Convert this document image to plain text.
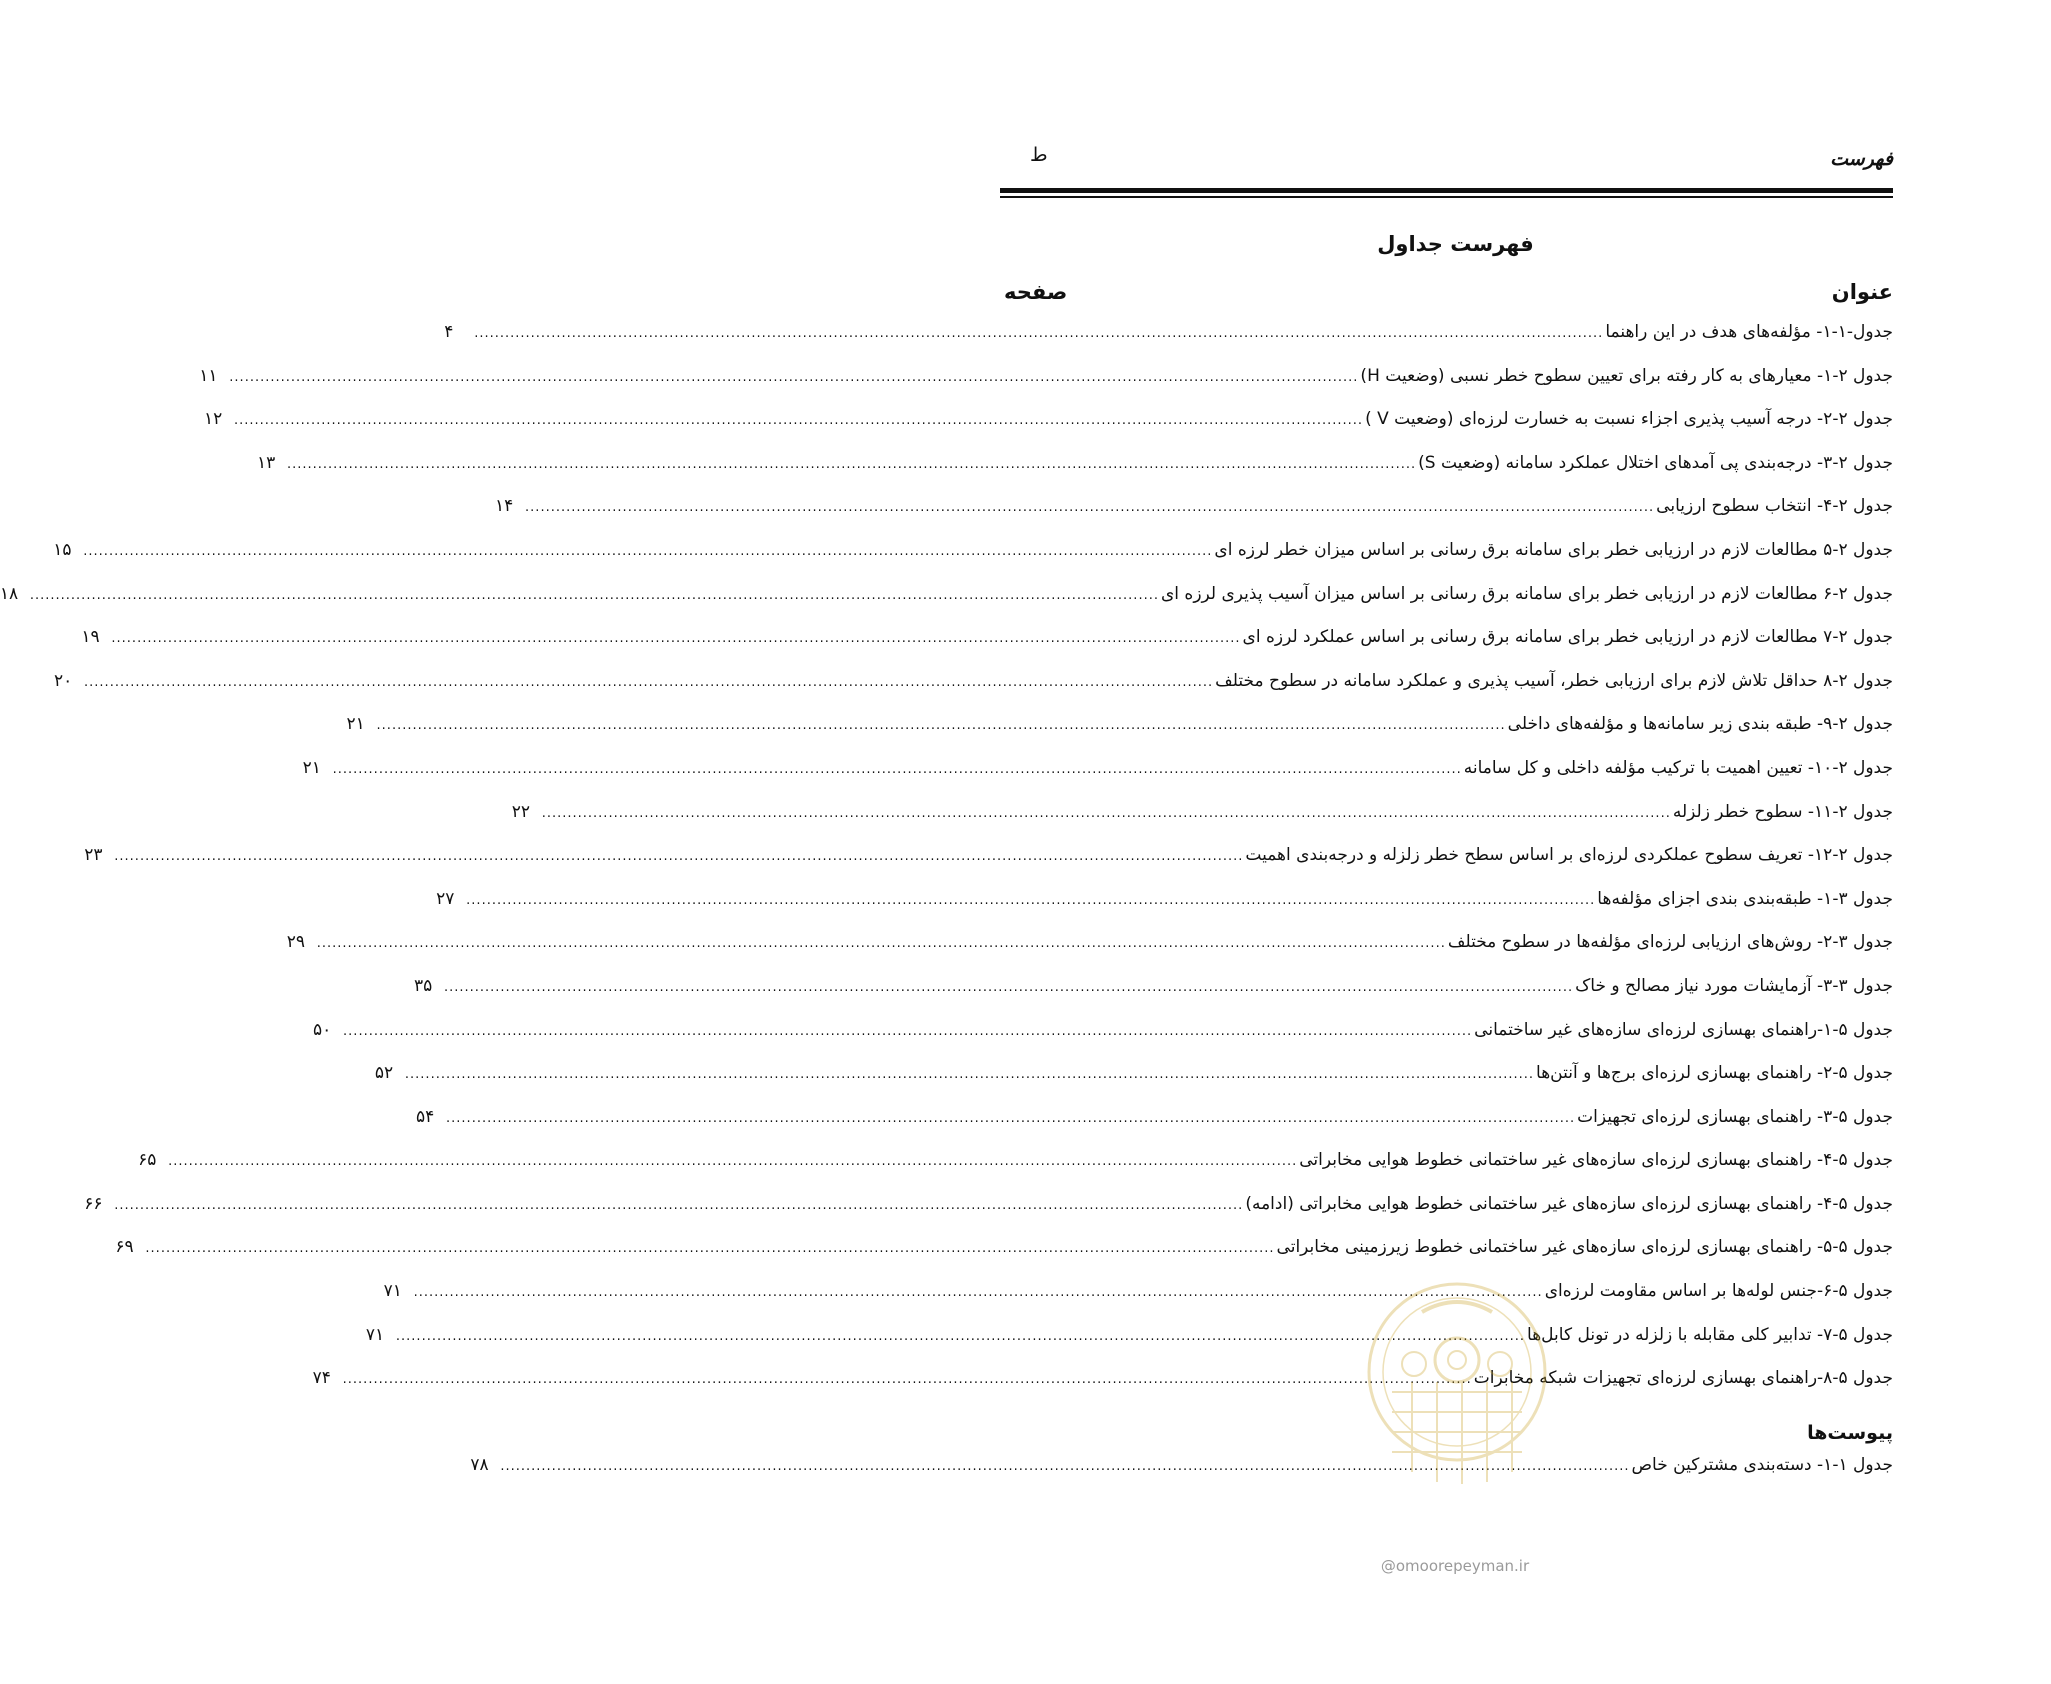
فهرست
ط
فهرست جداول
عنوان
صفحه
جدول-۱-۱- مؤلفه‌های هدف در این راهنما
............................................................................................................................................................................................................................
۴
جدول ۲-۱- معیارهای به کار رفته برای تعیین سطوح خطر نسبی (وضعیت H)
............................................................................................................................................................................................................................
۱۱
جدول ۲-۲- درجه آسیب پذیری اجزاء نسبت به خسارت لرزه‌ای (وضعیت V )
............................................................................................................................................................................................................................
۱۲
جدول ۲-۳- درجه‌بندی پی آمدهای اختلال عملکرد سامانه (وضعیت S)
............................................................................................................................................................................................................................
۱۳
جدول ۲-۴- انتخاب سطوح ارزیابی
............................................................................................................................................................................................................................
۱۴
جدول ۲-۵ مطالعات لازم در ارزیابی خطر برای سامانه برق رسانی بر اساس میزان خطر لرزه ای
............................................................................................................................................................................................................................
۱۵
جدول ۲-۶ مطالعات لازم در ارزیابی خطر برای سامانه برق رسانی بر اساس میزان آسیب پذیری لرزه ای
............................................................................................................................................................................................................................
۱۸
جدول ۲-۷ مطالعات لازم در ارزیابی خطر برای سامانه برق رسانی بر اساس عملکرد لرزه ای
............................................................................................................................................................................................................................
۱۹
جدول ۲-۸ حداقل تلاش لازم برای ارزیابی خطر، آسیب پذیری و عملکرد سامانه در سطوح مختلف
............................................................................................................................................................................................................................
۲۰
جدول ۲-۹- طبقه بندی زیر سامانه‌ها و مؤلفه‌های داخلی
............................................................................................................................................................................................................................
۲۱
جدول ۲-۱۰- تعیین اهمیت با ترکیب مؤلفه داخلی و کل سامانه
............................................................................................................................................................................................................................
۲۱
جدول ۲-۱۱- سطوح خطر زلزله
............................................................................................................................................................................................................................
۲۲
جدول ۲-۱۲- تعریف سطوح عملکردی لرزه‌ای بر اساس سطح خطر زلزله و درجه‌بندی اهمیت
............................................................................................................................................................................................................................
۲۳
جدول ۳-۱- طبقه‌بندی بندی اجزای مؤلفه‌ها
............................................................................................................................................................................................................................
۲۷
جدول ۳-۲- روش‌های ارزیابی لرزه‌ای مؤلفه‌ها در سطوح مختلف
............................................................................................................................................................................................................................
۲۹
جدول ۳-۳- آزمایشات مورد نیاز مصالح و خاک
............................................................................................................................................................................................................................
۳۵
جدول ۵-۱-راهنمای بهسازی لرزه‌ای سازه‌های غیر ساختمانی
............................................................................................................................................................................................................................
۵۰
جدول ۵-۲- راهنمای بهسازی لرزه‌ای برج‌ها و آنتن‌ها
............................................................................................................................................................................................................................
۵۲
جدول ۵-۳- راهنمای بهسازی لرزه‌ای تجهیزات
............................................................................................................................................................................................................................
۵۴
جدول ۵-۴- راهنمای بهسازی لرزه‌ای سازه‌های غیر ساختمانی خطوط هوایی مخابراتی
............................................................................................................................................................................................................................
۶۵
جدول ۵-۴- راهنمای بهسازی لرزه‌ای سازه‌های غیر ساختمانی خطوط هوایی مخابراتی (ادامه)
............................................................................................................................................................................................................................
۶۶
جدول ۵-۵- راهنمای بهسازی لرزه‌ای سازه‌های غیر ساختمانی خطوط زیرزمینی مخابراتی
............................................................................................................................................................................................................................
۶۹
جدول ۵-۶-جنس لوله‌ها بر اساس مقاومت لرزه‌ای
............................................................................................................................................................................................................................
۷۱
جدول ۵-۷- تدابیر کلی مقابله با زلزله در تونل کابل‌ها
............................................................................................................................................................................................................................
۷۱
جدول ۵-۸-راهنمای بهسازی لرزه‌ای تجهیزات شبکه مخابرات
............................................................................................................................................................................................................................
۷۴
پیوست‌ها
جدول ۱-۱- دسته‌بندی مشترکین خاص
............................................................................................................................................................................................................................
۷۸
@omoorepeyman.ir
